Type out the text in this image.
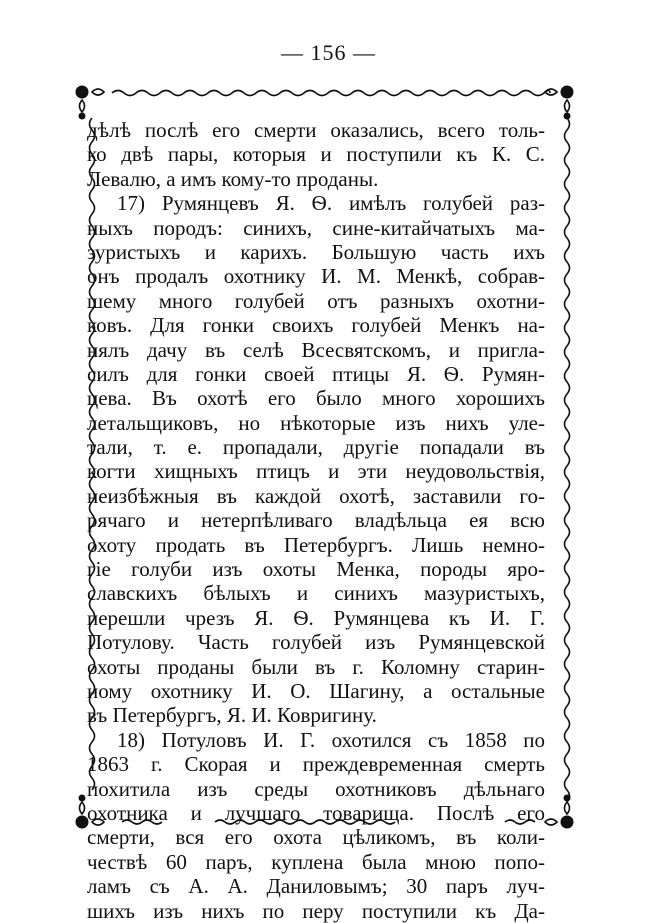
— 156 —
дѣлѣ послѣ его смерти оказались, всего толь-
ко двѣ пары, которыя и поступили къ К. С.
Левалю, а имъ кому-то проданы.
17) Румянцевъ Я. Ѳ. имѣлъ голубей раз-
ныхъ породъ: синихъ, сине-китайчатыхъ ма-
зуристыхъ и карихъ. Большую часть ихъ
онъ продалъ охотнику И. М. Менкѣ, собрав-
шему много голубей отъ разныхъ охотни-
ковъ. Для гонки своихъ голубей Менкъ на-
нялъ дачу въ селѣ Всесвятскомъ, и пригла-
силъ для гонки своей птицы Я. Ѳ. Румян-
цева. Въ охотѣ его было много хорошихъ
летальщиковъ, но нѣкоторые изъ нихъ уле-
тали, т. е. пропадали, другіе попадали въ
когти хищныхъ птицъ и эти неудовольствія,
неизбѣжныя въ каждой охотѣ, заставили го-
рячаго и нетерпѣливаго владѣльца ея всю
охоту продать въ Петербургъ. Лишь немно-
гіе голуби изъ охоты Менка, породы яро-
славскихъ бѣлыхъ и синихъ мазуристыхъ,
перешли чрезъ Я. Ѳ. Румянцева къ И. Г.
Потулову. Часть голубей изъ Румянцевской
охоты проданы были въ г. Коломну старин-
ному охотнику И. О. Шагину, а остальные
въ Петербургъ, Я. И. Ковригину.
18) Потуловъ И. Г. охотился съ 1858 по
1863 г. Скорая и преждевременная смерть
похитила изъ среды охотниковъ дѣльнаго
охотника и лучшаго товарища. Послѣ его
смерти, вся его охота цѣликомъ, въ коли-
чествѣ 60 паръ, куплена была мною попо-
ламъ съ А. А. Даниловымъ; 30 паръ луч-
шихъ изъ нихъ по перу поступили къ Да-
